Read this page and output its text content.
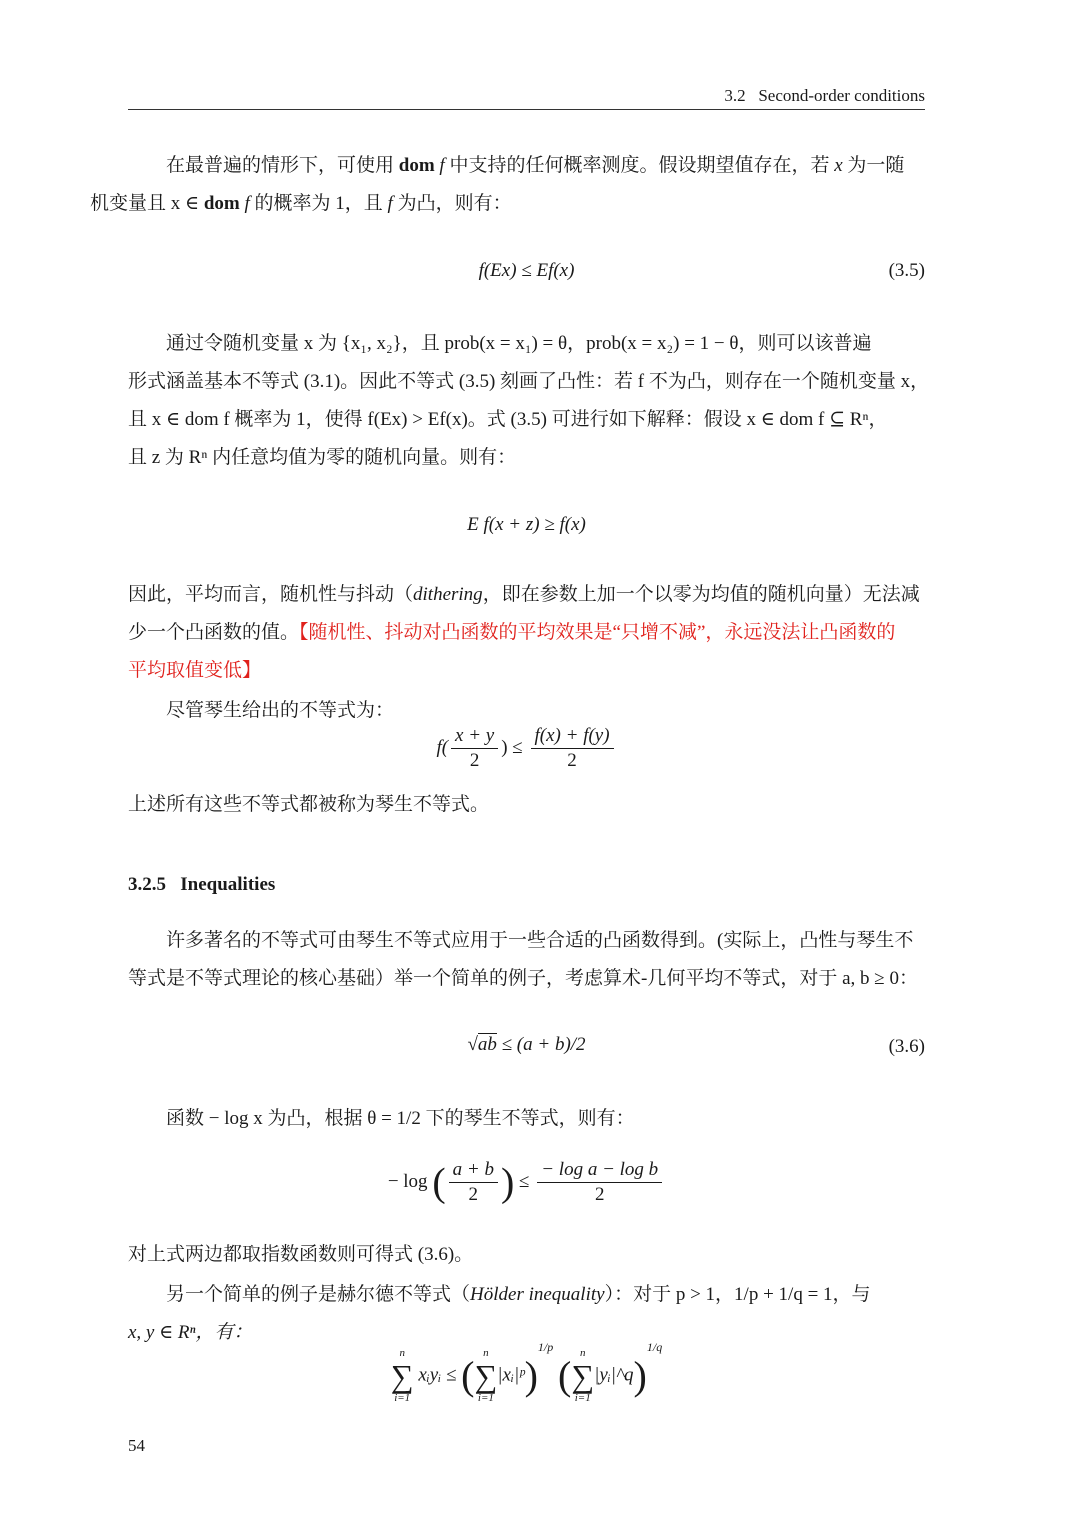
3.2 Second-order conditions
在最普遍的情形下，可使用 dom f 中支持的任何概率测度。假设期望值存在，若 x 为一随
机变量且 x ∈ dom f 的概率为 1，且 f 为凸，则有：
f(Ex) ≤ Ef(x)	(3.5)
通过令随机变量 x 为 {x₁, x₂}，且 prob(x = x₁) = θ，prob(x = x₂) = 1 − θ，则可以该普遍
形式涵盖基本不等式 (3.1)。因此不等式 (3.5) 刻画了凸性：若 f 不为凸，则存在一个随机变量 x，
且 x ∈ dom f 概率为 1，使得 f(Ex) > Ef(x)。式 (3.5) 可进行如下解释：假设 x ∈ dom f ⊆ Rⁿ，
且 z 为 Rⁿ 内任意均值为零的随机向量。则有：
E f(x + z) ≥ f(x)
因此，平均而言，随机性与抖动（dithering，即在参数上加一个以零为均值的随机向量）无法减
少一个凸函数的值。【随机性、抖动对凸函数的平均效果是“只增不减”，永远没法让凸函数的
平均取值变低】
尽管琴生给出的不等式为：
$f( \frac{x + y}{2}$ ) ≤ $\frac{f(x) + f(y)}{2}$
上述所有这些不等式都被称为琴生不等式。
3.2.5 Inequalities
许多著名的不等式可由琴生不等式应用于一些合适的凸函数得到。(实际上，凸性与琴生不
等式是不等式理论的核心基础）举一个简单的例子，考虑算术-几何平均不等式，对于 a, b ≥ 0：
√ab ≤ (a + b)/2	(3.6)
函数 − log x 为凸，根据 θ = 1/2 下的琴生不等式，则有：
− log ( $\frac{a + b}{2}$ ) ≤ $\frac{\text{− log a − log b}}{2}$
对上式两边都取指数函数则可得式 (3.6)。
另一个简单的例子是赫尔德不等式（Hölder inequality）：对于 p > 1，1/p + 1/q = 1，与
x, y ∈ Rⁿ，有：
n
∑
i=1
xᵢyᵢ ≤ ( n
∑
i=1
|xᵢ|ᵖ)$^{1/p}$ ( n
∑
i=1
|yᵢ|^q)$^{1/q}$
54
